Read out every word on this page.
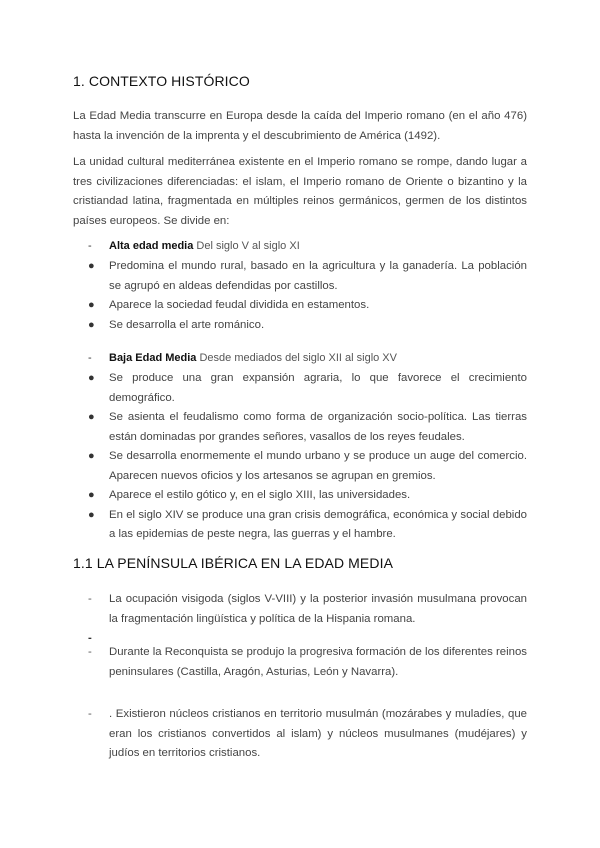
1. CONTEXTO HISTÓRICO

La Edad Media transcurre en Europa desde la caída del Imperio romano (en el año 476) hasta la invención de la imprenta y el descubrimiento de América (1492).

La unidad cultural mediterránea existente en el Imperio romano se rompe, dando lugar a tres civilizaciones diferenciadas: el islam, el Imperio romano de Oriente o bizantino y la cristiandad latina, fragmentada en múltiples reinos germánicos, germen de los distintos países europeos. Se divide en:

- Alta edad media Del siglo V al siglo XI
● Predomina el mundo rural, basado en la agricultura y la ganadería. La población se agrupó en aldeas defendidas por castillos.
● Aparece la sociedad feudal dividida en estamentos.
● Se desarrolla el arte románico.
- Baja Edad Media Desde mediados del siglo XII al siglo XV
● Se produce una gran expansión agraria, lo que favorece el crecimiento demográfico.
● Se asienta el feudalismo como forma de organización socio-política. Las tierras están dominadas por grandes señores, vasallos de los reyes feudales.
● Se desarrolla enormemente el mundo urbano y se produce un auge del comercio. Aparecen nuevos oficios y los artesanos se agrupan en gremios.
● Aparece el estilo gótico y, en el siglo XIII, las universidades.
● En el siglo XIV se produce una gran crisis demográfica, económica y social debido a las epidemias de peste negra, las guerras y el hambre.
1.1 LA PENÍNSULA IBÉRICA EN LA EDAD MEDIA
- La ocupación visigoda (siglos V-VIII) y la posterior invasión musulmana provocan la fragmentación lingüística y política de la Hispania romana.
-
- Durante la Reconquista se produjo la progresiva formación de los diferentes reinos peninsulares (Castilla, Aragón, Asturias, León y Navarra).
- . Existieron núcleos cristianos en territorio musulmán (mozárabes y muladíes, que eran los cristianos convertidos al islam) y núcleos musulmanes (mudéjares) y judíos en territorios cristianos.
